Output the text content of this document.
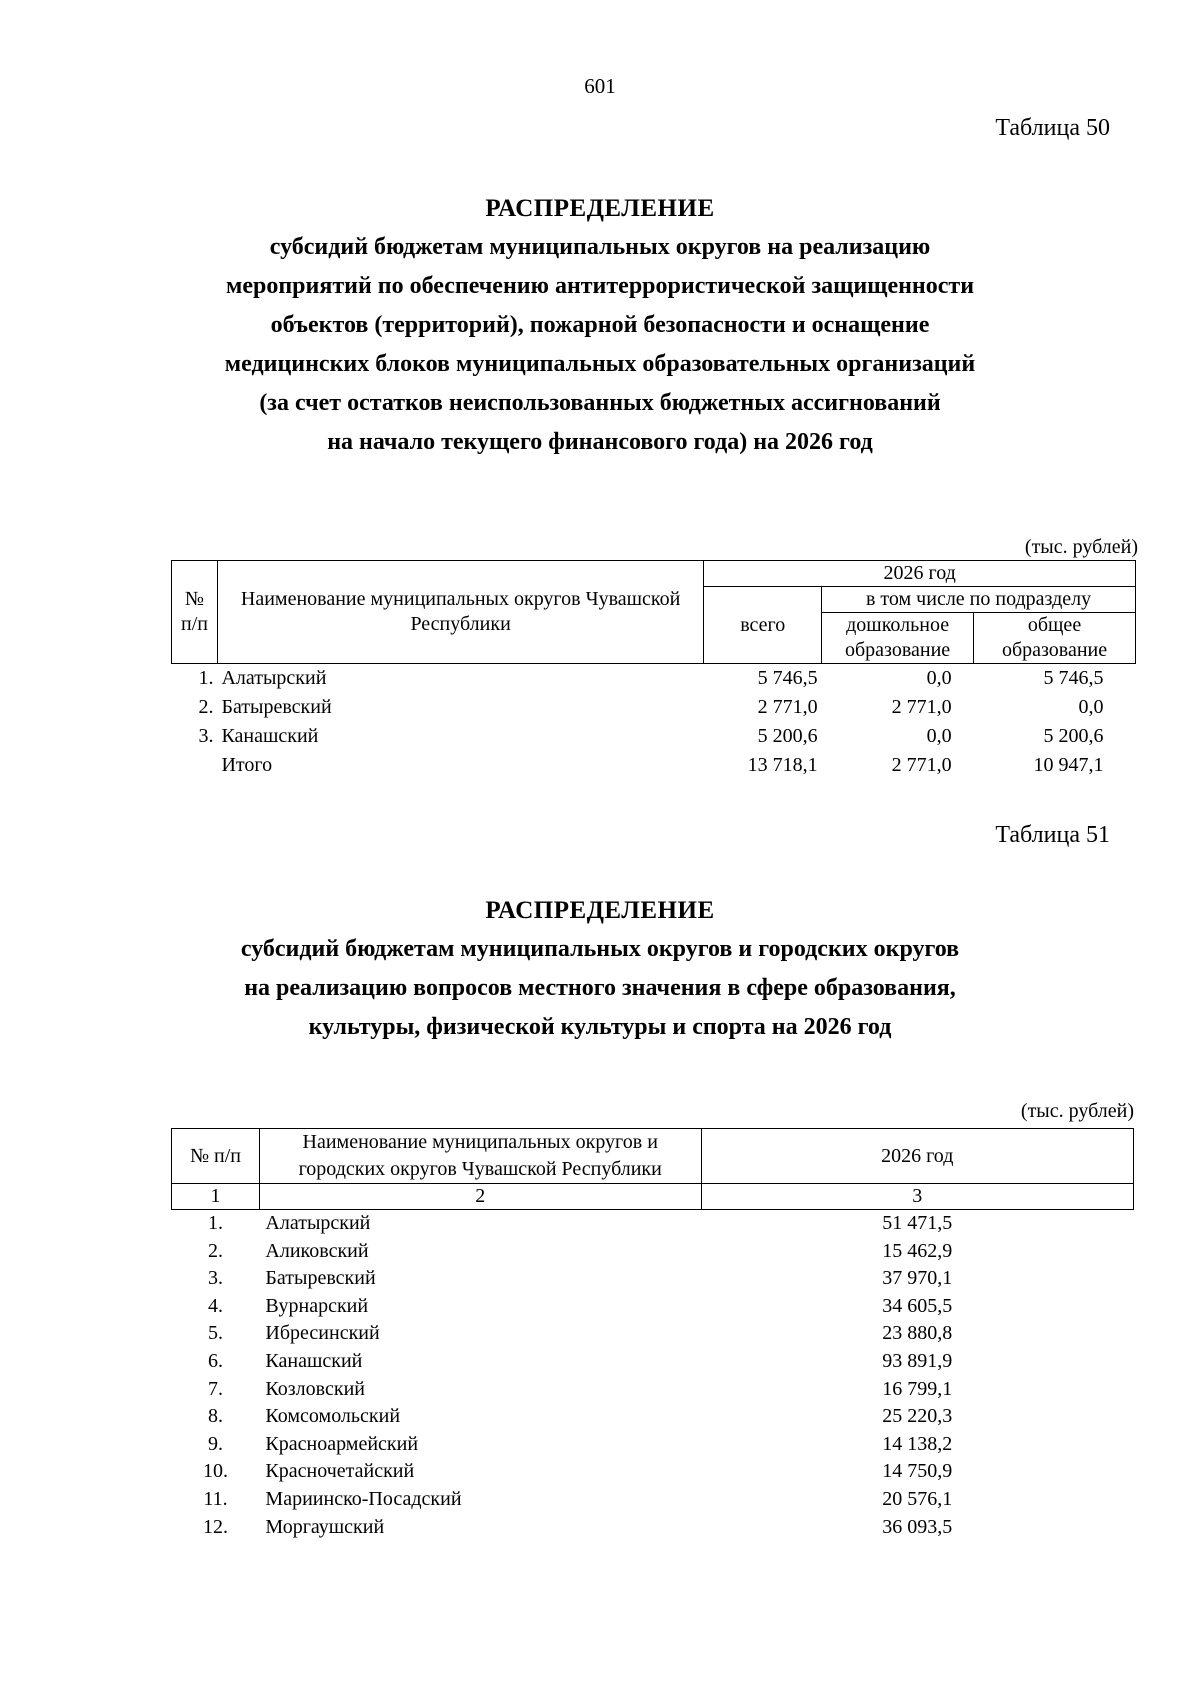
601
Таблица 50
РАСПРЕДЕЛЕНИЕ
субсидий бюджетам муниципальных округов на реализацию
мероприятий по обеспечению антитеррористической защищенности
объектов (территорий), пожарной безопасности и оснащение
медицинских блоков муниципальных образовательных организаций
(за счет остатков неиспользованных бюджетных ассигнований
на начало текущего финансового года) на 2026 год
(тыс. рублей)
№ п/п	Наименование муниципальных округов Чувашской Республики	2026 год		
		всего	в том числе по подразделу	
			дошкольное образование	общее образование
1.	Алатырский	5 746,5	0,0	5 746,5
2.	Батыревский	2 771,0	2 771,0	0,0
3.	Канашский	5 200,6	0,0	5 200,6
	Итого	13 718,1	2 771,0	10 947,1
Таблица 51
РАСПРЕДЕЛЕНИЕ
субсидий бюджетам муниципальных округов и городских округов
на реализацию вопросов местного значения в сфере образования,
культуры, физической культуры и спорта на 2026 год
(тыс. рублей)
№ п/п	Наименование муниципальных округов и городских округов Чувашской Республики	2026 год
1	2	3
1.	Алатырский	51 471,5
2.	Аликовский	15 462,9
3.	Батыревский	37 970,1
4.	Вурнарский	34 605,5
5.	Ибресинский	23 880,8
6.	Канашский	93 891,9
7.	Козловский	16 799,1
8.	Комсомольский	25 220,3
9.	Красноармейский	14 138,2
10.	Красночетайский	14 750,9
11.	Мариинско-Посадский	20 576,1
12.	Моргаушский	36 093,5
